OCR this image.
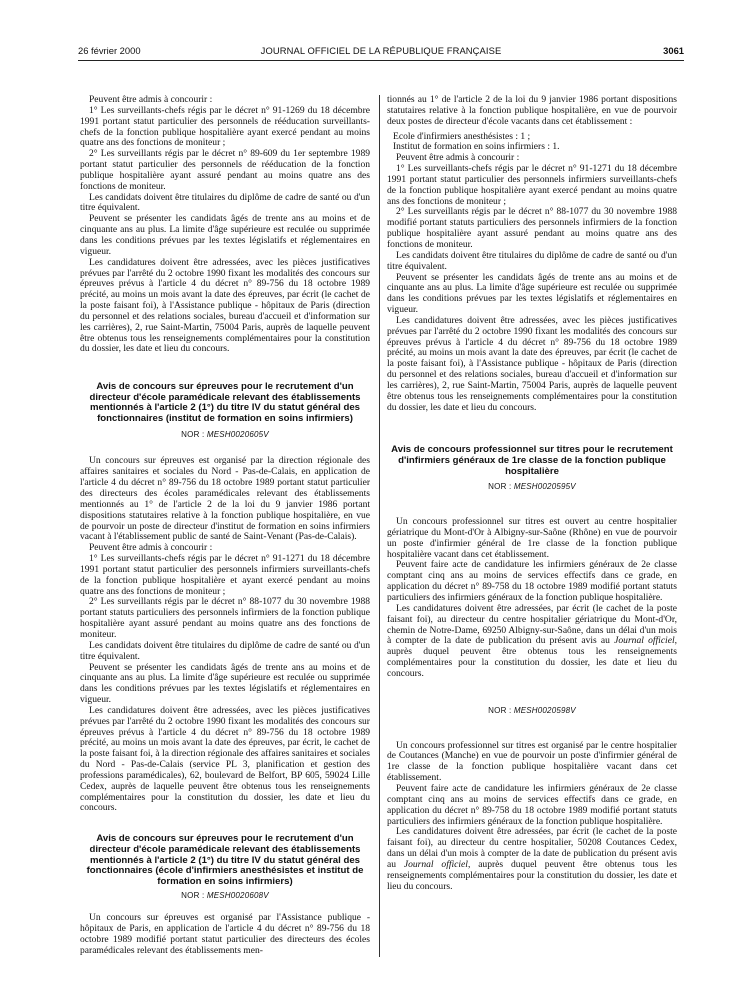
26 février 2000	JOURNAL OFFICIEL DE LA RÉPUBLIQUE FRANÇAISE	3061

Peuvent être admis à concourir :

1° Les surveillants-chefs régis par le décret n° 91-1269 du 18 décembre 1991 portant statut particulier des personnels de rééducation surveillants-chefs de la fonction publique hospitalière ayant exercé pendant au moins quatre ans des fonctions de moniteur ;

2° Les surveillants régis par le décret n° 89-609 du 1er septembre 1989 portant statut particulier des personnels de rééducation de la fonction publique hospitalière ayant assuré pendant au moins quatre ans des fonctions de moniteur.

Les candidats doivent être titulaires du diplôme de cadre de santé ou d'un titre équivalent.

Peuvent se présenter les candidats âgés de trente ans au moins et de cinquante ans au plus. La limite d'âge supérieure est reculée ou supprimée dans les conditions prévues par les textes législatifs et réglementaires en vigueur.

Les candidatures doivent être adressées, avec les pièces justificatives prévues par l'arrêté du 2 octobre 1990 fixant les modalités des concours sur épreuves prévus à l'article 4 du décret n° 89-756 du 18 octobre 1989 précité, au moins un mois avant la date des épreuves, par écrit (le cachet de la poste faisant foi), à l'Assistance publique - hôpitaux de Paris (direction du personnel et des relations sociales, bureau d'accueil et d'information sur les carrières), 2, rue Saint-Martin, 75004 Paris, auprès de laquelle peuvent être obtenus tous les renseignements complémentaires pour la constitution du dossier, les date et lieu du concours.

Avis de concours sur épreuves pour le recrutement d'un directeur d'école paramédicale relevant des établissements mentionnés à l'article 2 (1°) du titre IV du statut général des fonctionnaires (institut de formation en soins infirmiers)
NOR : MESH0020605V

Un concours sur épreuves est organisé par la direction régionale des affaires sanitaires et sociales du Nord - Pas-de-Calais, en application de l'article 4 du décret n° 89-756 du 18 octobre 1989 portant statut particulier des directeurs des écoles paramédicales relevant des établissements mentionnés au 1° de l'article 2 de la loi du 9 janvier 1986 portant dispositions statutaires relative à la fonction publique hospitalière, en vue de pourvoir un poste de directeur d'institut de formation en soins infirmiers vacant à l'établissement public de santé de Saint-Venant (Pas-de-Calais).

Peuvent être admis à concourir :

1° Les surveillants-chefs régis par le décret n° 91-1271 du 18 décembre 1991 portant statut particulier des personnels infirmiers surveillants-chefs de la fonction publique hospitalière et ayant exercé pendant au moins quatre ans des fonctions de moniteur ;

2° Les surveillants régis par le décret n° 88-1077 du 30 novembre 1988 portant statuts particuliers des personnels infirmiers de la fonction publique hospitalière ayant assuré pendant au moins quatre ans des fonctions de moniteur.

Les candidats doivent être titulaires du diplôme de cadre de santé ou d'un titre équivalent.

Peuvent se présenter les candidats âgés de trente ans au moins et de cinquante ans au plus. La limite d'âge supérieure est reculée ou supprimée dans les conditions prévues par les textes législatifs et réglementaires en vigueur.

Les candidatures doivent être adressées, avec les pièces justificatives prévues par l'arrêté du 2 octobre 1990 fixant les modalités des concours sur épreuves prévus à l'article 4 du décret n° 89-756 du 18 octobre 1989 précité, au moins un mois avant la date des épreuves, par écrit, le cachet de la poste faisant foi, à la direction régionale des affaires sanitaires et sociales du Nord - Pas-de-Calais (service PL 3, planification et gestion des professions paramédicales), 62, boulevard de Belfort, BP 605, 59024 Lille Cedex, auprès de laquelle peuvent être obtenus tous les renseignements complémentaires pour la constitution du dossier, les date et lieu du concours.

Avis de concours sur épreuves pour le recrutement d'un directeur d'école paramédicale relevant des établissements mentionnés à l'article 2 (1°) du titre IV du statut général des fonctionnaires (école d'infirmiers anesthésistes et institut de formation en soins infirmiers)
NOR : MESH0020608V

Un concours sur épreuves est organisé par l'Assistance publique - hôpitaux de Paris, en application de l'article 4 du décret n° 89-756 du 18 octobre 1989 modifié portant statut particulier des directeurs des écoles paramédicales relevant des établissements men-

tionnés au 1° de l'article 2 de la loi du 9 janvier 1986 portant dispositions statutaires relative à la fonction publique hospitalière, en vue de pourvoir deux postes de directeur d'école vacants dans cet établissement :

Ecole d'infirmiers anesthésistes : 1 ;

Institut de formation en soins infirmiers : 1.

Peuvent être admis à concourir :

1° Les surveillants-chefs régis par le décret n° 91-1271 du 18 décembre 1991 portant statut particulier des personnels infirmiers surveillants-chefs de la fonction publique hospitalière ayant exercé pendant au moins quatre ans des fonctions de moniteur ;

2° Les surveillants régis par le décret n° 88-1077 du 30 novembre 1988 modifié portant statuts particuliers des personnels infirmiers de la fonction publique hospitalière ayant assuré pendant au moins quatre ans des fonctions de moniteur.

Les candidats doivent être titulaires du diplôme de cadre de santé ou d'un titre équivalent.

Peuvent se présenter les candidats âgés de trente ans au moins et de cinquante ans au plus. La limite d'âge supérieure est reculée ou supprimée dans les conditions prévues par les textes législatifs et réglementaires en vigueur.

Les candidatures doivent être adressées, avec les pièces justificatives prévues par l'arrêté du 2 octobre 1990 fixant les modalités des concours sur épreuves prévus à l'article 4 du décret n° 89-756 du 18 octobre 1989 précité, au moins un mois avant la date des épreuves, par écrit (le cachet de la poste faisant foi), à l'Assistance publique - hôpitaux de Paris (direction du personnel et des relations sociales, bureau d'accueil et d'information sur les carrières), 2, rue Saint-Martin, 75004 Paris, auprès de laquelle peuvent être obtenus tous les renseignements complémentaires pour la constitution du dossier, les date et lieu du concours.

Avis de concours professionnel sur titres pour le recrutement d'infirmiers généraux de 1re classe de la fonction publique hospitalière
NOR : MESH0020595V

Un concours professionnel sur titres est ouvert au centre hospitalier gériatrique du Mont-d'Or à Albigny-sur-Saône (Rhône) en vue de pourvoir un poste d'infirmier général de 1re classe de la fonction publique hospitalière vacant dans cet établissement.

Peuvent faire acte de candidature les infirmiers généraux de 2e classe comptant cinq ans au moins de services effectifs dans ce grade, en application du décret n° 89-758 du 18 octobre 1989 modifié portant statuts particuliers des infirmiers généraux de la fonction publique hospitalière.

Les candidatures doivent être adressées, par écrit (le cachet de la poste faisant foi), au directeur du centre hospitalier gériatrique du Mont-d'Or, chemin de Notre-Dame, 69250 Albigny-sur-Saône, dans un délai d'un mois à compter de la date de publication du présent avis au Journal officiel, auprès duquel peuvent être obtenus tous les renseignements complémentaires pour la constitution du dossier, les date et lieu du concours.

NOR : MESH0020598V

Un concours professionnel sur titres est organisé par le centre hospitalier de Coutances (Manche) en vue de pourvoir un poste d'infirmier général de 1re classe de la fonction publique hospitalière vacant dans cet établissement.

Peuvent faire acte de candidature les infirmiers généraux de 2e classe comptant cinq ans au moins de services effectifs dans ce grade, en application du décret n° 89-758 du 18 octobre 1989 modifié portant statuts particuliers des infirmiers généraux de la fonction publique hospitalière.

Les candidatures doivent être adressées, par écrit (le cachet de la poste faisant foi), au directeur du centre hospitalier, 50208 Coutances Cedex, dans un délai d'un mois à compter de la date de publication du présent avis au Journal officiel, auprès duquel peuvent être obtenus tous les renseignements complémentaires pour la constitution du dossier, les date et lieu du concours.
